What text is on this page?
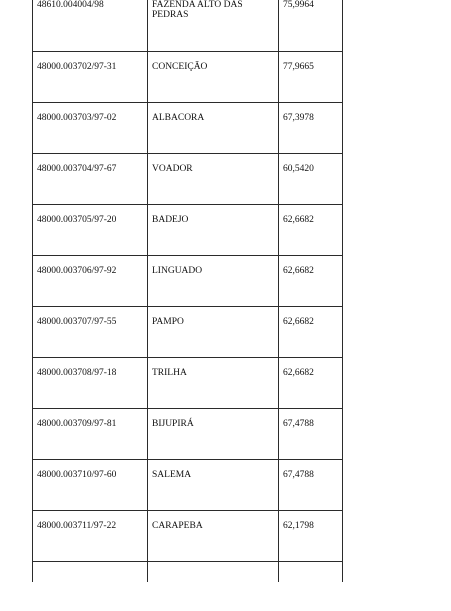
48610.004004/98	FAZENDA ALTO DAS PEDRAS	75,9964

48000.003702/97-31	CONCEIÇÃO	77,9665

48000.003703/97-02	ALBACORA	67,3978

48000.003704/97-67	VOADOR	60,5420

48000.003705/97-20	BADEJO	62,6682

48000.003706/97-92	LINGUADO	62,6682

48000.003707/97-55	PAMPO	62,6682

48000.003708/97-18	TRILHA	62,6682

48000.003709/97-81	BIJUPIRÁ	67,4788

48000.003710/97-60	SALEMA	67,4788

48000.003711/97-22	CARAPEBA	62,1798
